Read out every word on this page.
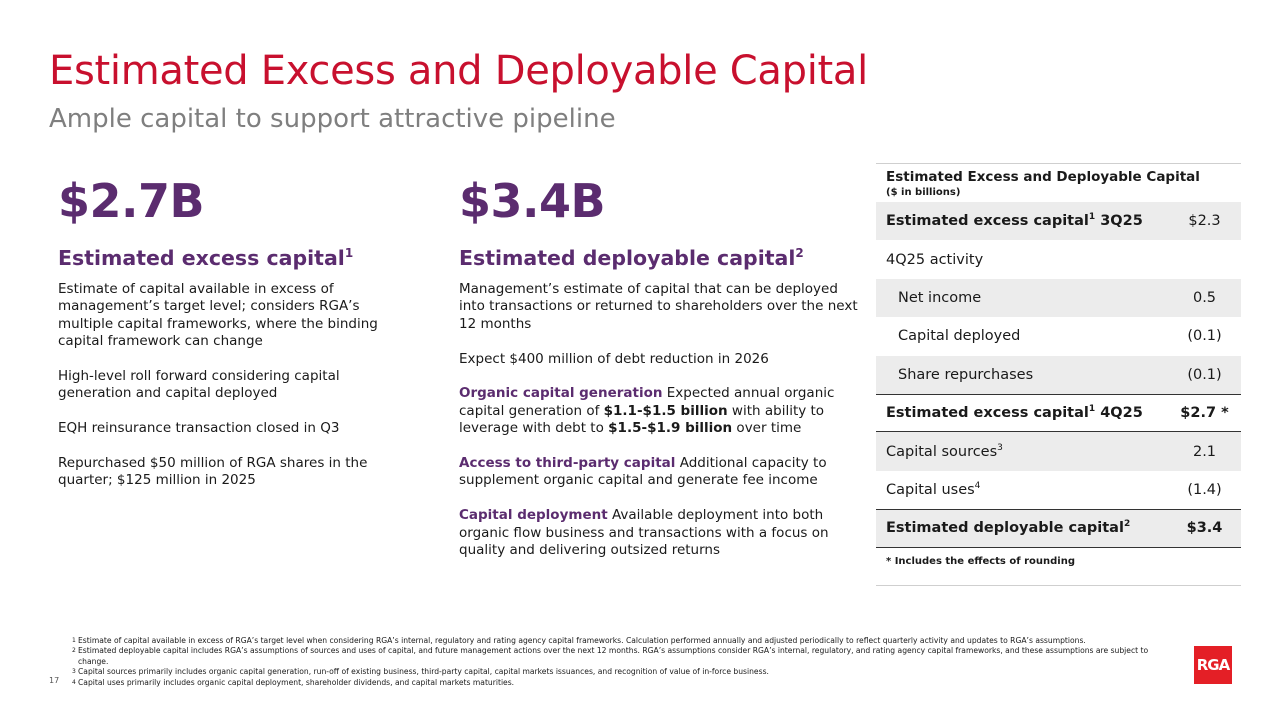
Estimated Excess and Deployable Capital
Ample capital to support attractive pipeline
$2.7B
Estimated excess capital$^1$

Estimate of capital available in excess of management’s target level; considers RGA’s multiple capital frameworks, where the binding capital framework can change

High-level roll forward considering capital generation and capital deployed

EQH reinsurance transaction closed in Q3

Repurchased $50 million of RGA shares in the quarter; $125 million in 2025

$3.4B
Estimated deployable capital$^2$

Management’s estimate of capital that can be deployed into transactions or returned to shareholders over the next 12 months

Expect $400 million of debt reduction in 2026

Organic capital generation Expected annual organic capital generation of $1.1-$1.5 billion with ability to leverage with debt to $1.5-$1.9 billion over time

Access to third-party capital Additional capacity to supplement organic capital and generate fee income

Capital deployment Available deployment into both organic flow business and transactions with a focus on quality and delivering outsized returns

Estimated Excess and Deployable Capital
($ in billions)
Estimated excess capital$^1$ 3Q25	$2.3
4Q25 activity
Net income	0.5
Capital deployed	(0.1)
Share repurchases	(0.1)
Estimated excess capital$^1$ 4Q25	$2.7 *
Capital sources$^3$	2.1
Capital uses$^4$	(1.4)
Estimated deployable capital$^2$	$3.4
* Includes the effects of rounding
1 Estimate of capital available in excess of RGA’s target level when considering RGA’s internal, regulatory and rating agency capital frameworks. Calculation performed annually and adjusted periodically to reflect quarterly activity and updates to RGA’s assumptions.
2 Estimated deployable capital includes RGA’s assumptions of sources and uses of capital, and future management actions over the next 12 months. RGA’s assumptions consider RGA’s internal, regulatory, and rating agency capital frameworks, and these assumptions are subject to change.
3 Capital sources primarily includes organic capital generation, run-off of existing business, third-party capital, capital markets issuances, and recognition of value of in-force business.
4 Capital uses primarily includes organic capital deployment, shareholder dividends, and capital markets maturities.
17
RGA
